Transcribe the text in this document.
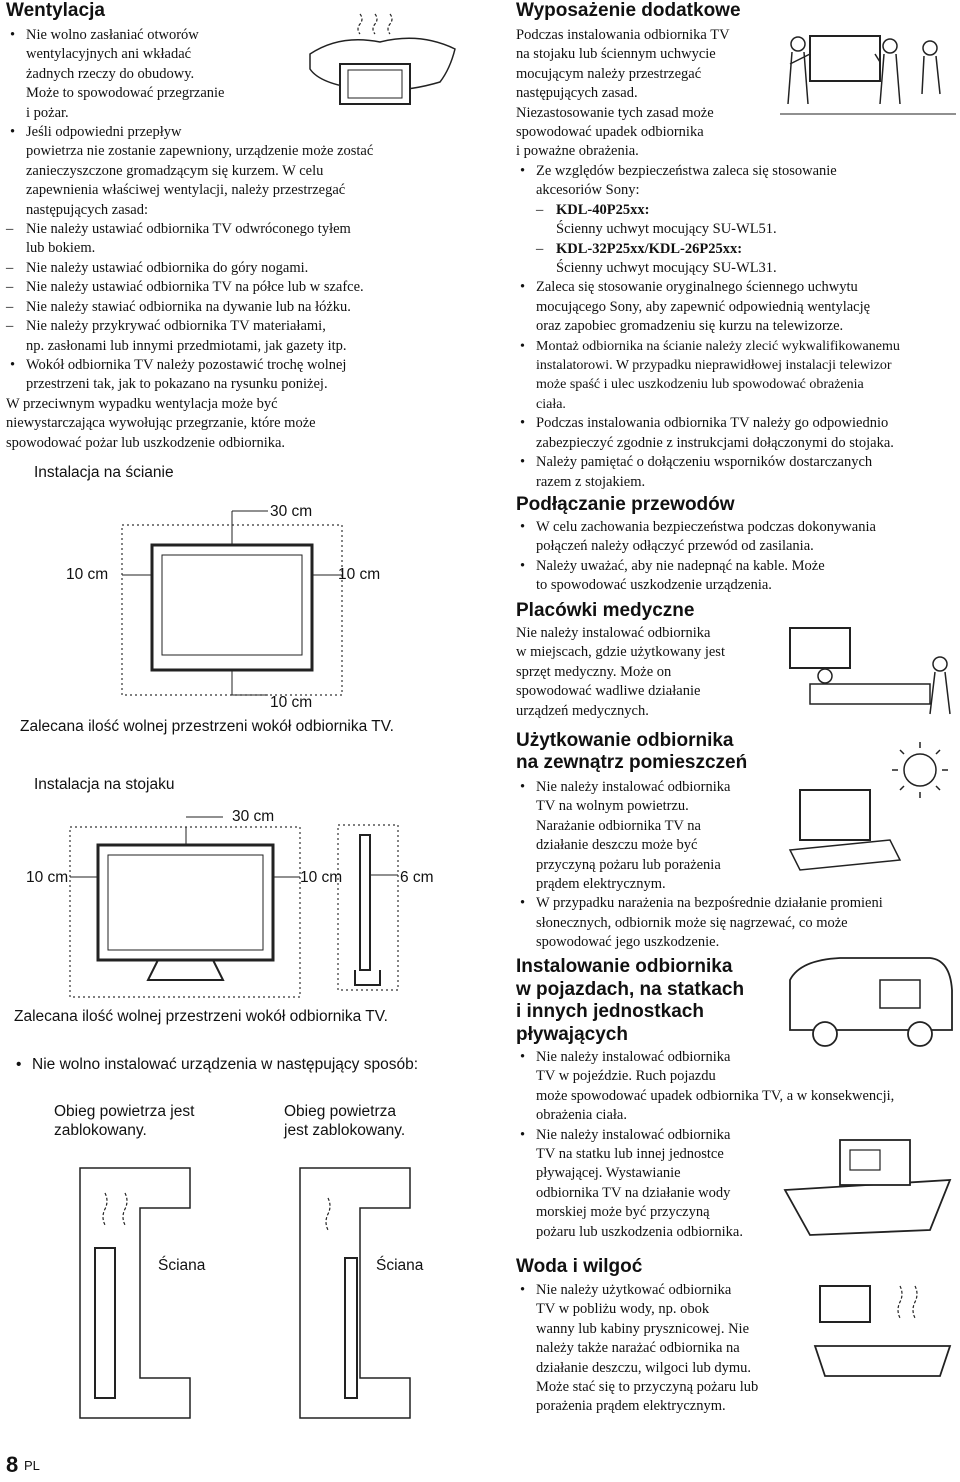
Wentylacja
• Nie wolno zasłaniać otworów
wentylacyjnych ani wkładać
żadnych rzeczy do obudowy.
Może to spowodować przegrzanie
i pożar.
• Jeśli odpowiedni przepływ
powietrza nie zostanie zapewniony, urządzenie może zostać
zanieczyszczone gromadzącym się kurzem. W celu
zapewnienia właściwej wentylacji, należy przestrzegać
następujących zasad:
– Nie należy ustawiać odbiornika TV odwróconego tyłem
lub bokiem.
– Nie należy ustawiać odbiornika do góry nogami.
– Nie należy ustawiać odbiornika TV na półce lub w szafce.
– Nie należy stawiać odbiornika na dywanie lub na łóżku.
– Nie należy przykrywać odbiornika TV materiałami,
np. zasłonami lub innymi przedmiotami, jak gazety itp.
• Wokół odbiornika TV należy pozostawić trochę wolnej
przestrzeni tak, jak to pokazano na rysunku poniżej.
W przeciwnym wypadku wentylacja może być
niewystarczająca wywołując przegrzanie, które może
spowodować pożar lub uszkodzenie odbiornika.
Instalacja na ścianie
30 cm
10 cm	10 cm
10 cm
Zalecana ilość wolnej przestrzeni wokół odbiornika TV.
Instalacja na stojaku
30 cm
10 cm	10 cm	6 cm
Zalecana ilość wolnej przestrzeni wokół odbiornika TV.
• Nie wolno instalować urządzenia w następujący sposób:
Obieg powietrza jest
zablokowany.
Obieg powietrza
jest zablokowany.
Ściana	Ściana
Wyposażenie dodatkowe
Podczas instalowania odbiornika TV
na stojaku lub ściennym uchwycie
mocującym należy przestrzegać
następujących zasad.
Niezastosowanie tych zasad może
spowodować upadek odbiornika
i poważne obrażenia.
• Ze względów bezpieczeństwa zaleca się stosowanie
akcesoriów Sony:
– KDL-40P25xx:
Ścienny uchwyt mocujący SU-WL51.
– KDL-32P25xx/KDL-26P25xx:
Ścienny uchwyt mocujący SU-WL31.
• Zaleca się stosowanie oryginalnego ściennego uchwytu
mocującego Sony, aby zapewnić odpowiednią wentylację
oraz zapobiec gromadzeniu się kurzu na telewizorze.
• Montaż odbiornika na ścianie należy zlecić wykwalifikowanemu
instalatorowi. W przypadku nieprawidłowej instalacji telewizor
może spaść i ulec uszkodzeniu lub spowodować obrażenia
ciała.
• Podczas instalowania odbiornika TV należy go odpowiednio
zabezpieczyć zgodnie z instrukcjami dołączonymi do stojaka.
• Należy pamiętać o dołączeniu wsporników dostarczanych
razem z stojakiem.
Podłączanie przewodów
• W celu zachowania bezpieczeństwa podczas dokonywania
połączeń należy odłączyć przewód od zasilania.
• Należy uważać, aby nie nadepnąć na kable. Może
to spowodować uszkodzenie urządzenia.
Placówki medyczne
Nie należy instalować odbiornika
w miejscach, gdzie użytkowany jest
sprzęt medyczny. Może on
spowodować wadliwe działanie
urządzeń medycznych.
Użytkowanie odbiornika
na zewnątrz pomieszczeń
• Nie należy instalować odbiornika
TV na wolnym powietrzu.
Narażanie odbiornika TV na
działanie deszczu może być
przyczyną pożaru lub porażenia
prądem elektrycznym.
• W przypadku narażenia na bezpośrednie działanie promieni
słonecznych, odbiornik może się nagrzewać, co może
spowodować jego uszkodzenie.
Instalowanie odbiornika
w pojazdach, na statkach
i innych jednostkach
pływających
• Nie należy instalować odbiornika
TV w pojeździe. Ruch pojazdu
może spowodować upadek odbiornika TV, a w konsekwencji,
obrażenia ciała.
• Nie należy instalować odbiornika
TV na statku lub innej jednostce
pływającej. Wystawianie
odbiornika TV na działanie wody
morskiej może być przyczyną
pożaru lub uszkodzenia odbiornika.
Woda i wilgoć
• Nie należy użytkować odbiornika
TV w pobliżu wody, np. obok
wanny lub kabiny prysznicowej. Nie
należy także narażać odbiornika na
działanie deszczu, wilgoci lub dymu.
Może stać się to przyczyną pożaru lub
porażenia prądem elektrycznym.
8 PL
